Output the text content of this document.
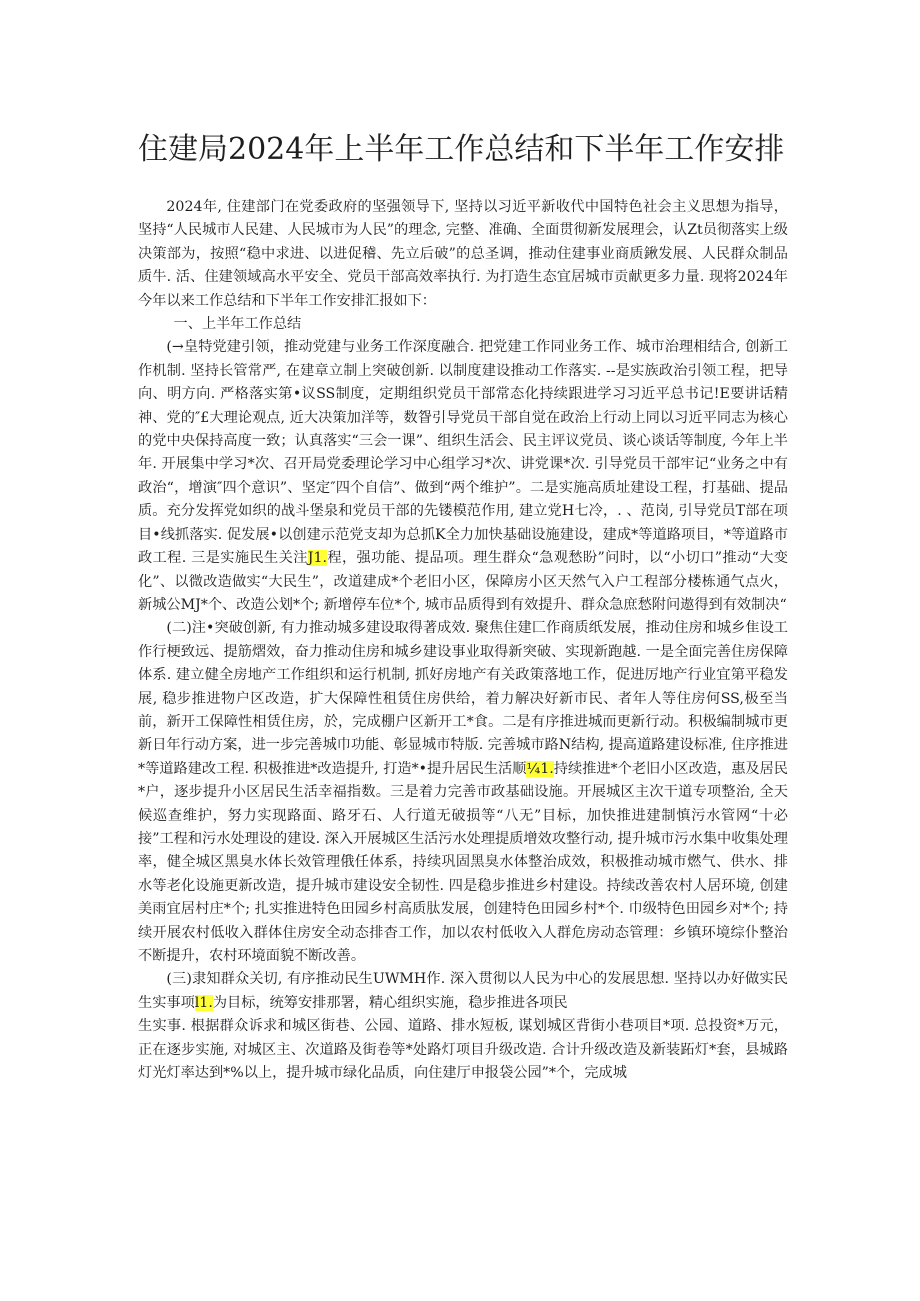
住建局2024年上半年工作总结和下半年工作安排

2024年, 住建部门在党委政府的坚强领导下, 坚持以习近平新收代中国特色社会主义思想为指导，坚持“人民城市人民建、人民城市为人民”的理念, 完整、准确、全面贯彻新发展理会，认Zt员彻落实上级决策部为，按照“稳中求进、以进促稽、先立后破”的总圣调，推动住建事业商质鍬发展、人民群众制品质牛. 活、住建领域高水平安全、党员干部高效率执行. 为打造生态宜居城市贡献更多力量. 现将2024年今年以来工作总结和下半年工作安排汇报如下：

一、上半年工作总结

(→皇特党建引领，推动党建与业务工作深度融合. 把党建工作同业务工作、城市治理相结合, 创新工作机制. 坚持长管常严, 在建章立制上突破创新. 以制度建设推动工作落实. --是实族政治引领工程，把导向、明方向. 严格落实第•议SS制度，定期组织党员干部常态化持续跟进学习习近平总书记!E要讲话精神、党的″£大理论观点, 近大决策加洋等，数眢引导党员干部自觉在政治上行动上同以习近平同志为核心的党中央保持高度一致；认真落实“三会一课”、组织生活会、民主评议党员、谈心谈话等制度, 今年上半年. 开展集中学习*次、召开局党委理论学习中心组学习*次、讲党课*次. 引导党员干部牢记“业务之中有政治“，增演″四个意识”、坚定″四个自信”、做到“两个维护”。二是实施高质址建设工程，打基础、提品质。充分发挥党如织的战斗堡泉和党员干部的先镂模范作用, 建立党H七冷，. 、范岗, 引导党员T部在项目•线抓落实. 促发展•以创建示范党支却为总抓K全力加快基础设施建设，建成*等道路项目，*等道路市政工程. 三是实施民生关注J1.程，强功能、提品项。理生群众“急观愁盼”问时，以“小切口”推动“大变化”、以微改造做实“大民生”，改道建成*个老旧小区，保障房小区天然气入户工程部分楼栋通气点火，新城公MJ*个、改造公划*个; 新增停车位*个, 城市品质得到有效提升、群众急庶愁附问遨得到有效制决“

(二)注•突破创新, 有力推动城多建设取得著成效. 聚焦住建匚作商质纸发展，推动住房和城乡隹设工作行梗致远、提筋熠效，奋力推动住房和城乡建设事业取得新突破、实现新跑越. 一是全面完善住房保障体系. 建立健全房地产工作组织和运行机制, 抓好房地产有关政策落地工作，促进厉地产行业宜第平稳发展, 稳步推进物户区改造，扩大保障性租赁住房供给，着力解决好新市民、者年人等住房何SS,极至当前，新开工保障性相赁住房，於，完成棚户区新开工*食。二是有序推进城而更新行动。积极编制城市更新日年行动方案，进一步完善城巾功能、彰显城市特版. 完善城市路N结构, 提高道路建设标准, 住序推进*等道路建改工程. 积极推进*改造提升, 打造*•提升居民生活顺¼1.持续推进*个老旧小区改造，惠及居民*户，逐步提升小区居民生活幸福指数。三是着力完善市政基础设施。开展城区主次干道专项整治, 全天候巡查维护，努力实现路面、路牙石、人行道无破损等“八无”目标，加快推进建制慎污水管网“十必接”工程和污水处理设的建设. 深入开展城区生活污水处理提质增效攻整行动, 提升城市污水集中收集处理率，健全城区黑臭水体长效管理俄任体系，持续巩固黑臭水体整治成效，积极推动城市燃气、供水、排水等老化设施更新改造，提升城市建设安全韧性. 四是稳步推进乡村建设。持续改善农村人居环境, 创建美雨宜居村庄*个; 扎实推进特色田园乡村高质肽发展，创建特色田园乡村*个. 巾级特色田园乡对*个; 持续开展农村低收入群体住房安全动态排杳工作，加以农村低收入人群危房动态管理：乡镇环境综仆整治不断提升，农村环境面貌不断改善。

(三)隶知群众关切, 有序推动民生UWMH作. 深入贯彻以人民为中心的发展思想. 坚持以办好做实民生实事项l1.为目标，统筹安排那署，精心组织实施，稳步推进各项民

生实事. 根据群众诉求和城区街巷、公园、道路、排水短板, 谋划城区背街小巷项目*项. 总投资*万元，正在逐步实施, 对城区主、次道路及街卷等*处路灯项目升级改造. 合计升级改造及新装跖灯*套，县城路灯光灯率达到*%以上，提升城市绿化品质，向住建厅申报袋公园”*个，完成城
